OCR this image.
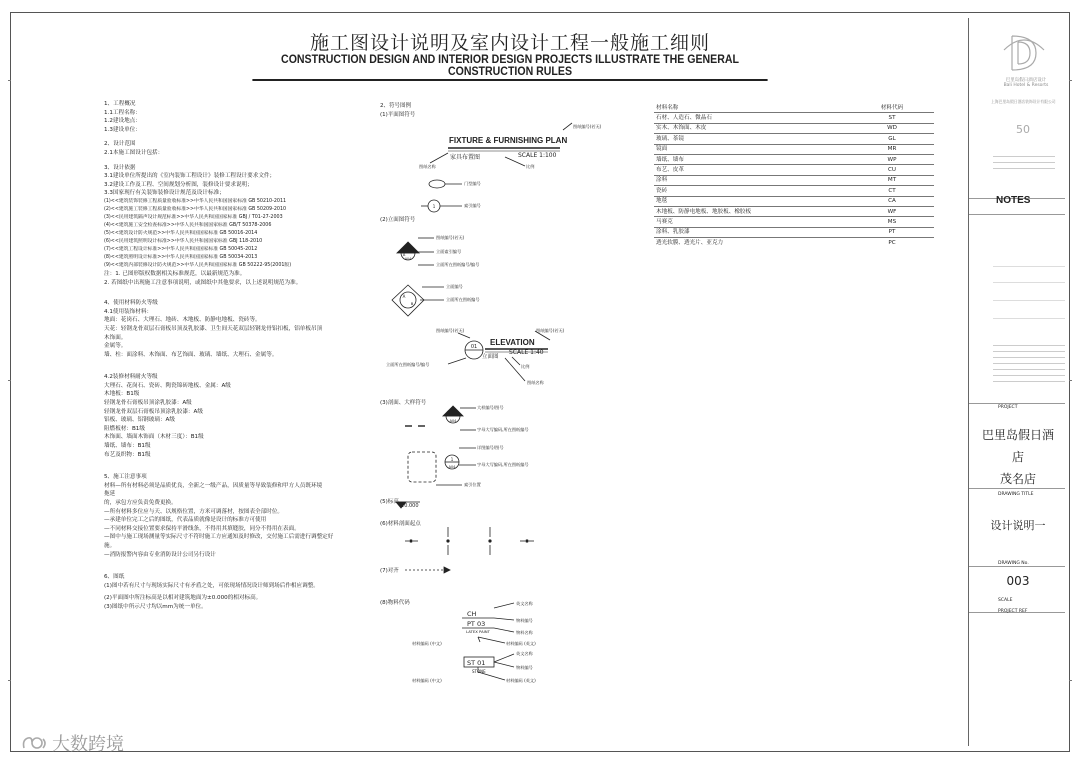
施工图设计说明及室内设计工程一般施工细则
CONSTRUCTION DESIGN AND INTERIOR DESIGN PROJECTS ILLUSTRATE THE GENERAL CONSTRUCTION RULES
1、工程概况
1.1工程名称：
1.2建设地点：
1.3建设单位：
2、设计范围
2.1本施工图设计包括：
3、设计依据
3.1建设单位所提出的《室内装饰工程设计》装修工程设计要求文件；
3.2建设工作及工程、空间规划分析图，装修设计要求说明；
3.3国家现行有关装饰装修设计规范及设计标准；
(1)<<建筑装饰装修工程质量验收标准>>中华人民共和国国家标准 GB 50210-2011
(2)<<建筑施工装修工程质量验收标准>>中华人民共和国国家标准 GB 50209-2010
(3)<<民用建筑隔声设计规范标准>>中华人民共和国国家标准 GBJ / T01-27-2003
(4)<<建筑施工安全检查标准>>中华人民共和国国家标准 GB/T 50378-2006
(5)<<建筑设计防火规范>>中华人民共和国国家标准 GB 50016-2014
(6)<<民用建筑照明设计标准>>中华人民共和国国家标准 GBJ 118-2010
(7)<<建筑工程设计标准>>中华人民共和国国家标准 GB 50045-2012
(8)<<建筑照明设计标准>>中华人民共和国国家标准 GB 50034-2013
(9)<<建筑内部装修设计防火规范>>中华人民共和国国家标准 GB 50222-95(2001版)
注：1. 已图形版权数据相关标准规范，以最新规范为准。
2. 若图纸中出现施工注意事项说明，或图纸中其他要求，以上述说明规范为准。
4、使用材料防火等级
4.1使用装饰材料：
地面：花岗石、大理石、地砖、木地板、防静电地板、瓷砖等。
天花：轻钢龙骨双层石膏板吊顶及乳胶漆、卫生间天花双层轻钢龙骨铝扣板，铝单板吊顶
木饰面。
金属等。
墙、柱：面涂料、木饰面、布艺饰面、玻璃、墙纸、大理石、金属等。
4.2装修材料耐火等级
大理石、花岗石、瓷砖、陶瓷锦砖地板、金属：A级
木地板：B1级
轻钢龙骨石膏板吊顶涂乳胶漆：A级
轻钢龙骨双层石膏板吊顶涂乳胶漆：A级
铝板、玻璃、铝钢玻璃：A级
阻燃板材：B1级
木饰面、墙面木饰面（木材三度）：B1级
墙纸、墙布：B1级
布艺及织物：B1级
5、施工注意事项
材料—所有材料必须是品质优良，全新之一级产品，因质量等导致装修和甲方人员既环境
拖延
的，承包方应负责免费更换。
—所有材料多位应与天、以规格位置，方米可调落材，按图表全部时位。
—承建单位完工之后的图纸，代表品质就像是设计的标准方可使用
—不同材料交接位置要求保持平滑线条，不得用其填缝胶，同分不得用在表面。
—图中与施工现场测量等实际尺寸不符时施工方应通知及时修改，交付施工后需进行调整定好
施。
—消防报警内容由专业消防设计公司另行设计
6、图纸
(1)图中若有尺寸与现场实际尺寸有矛盾之处，可依现场情况设计师到场后作相应调整。
(2)平面图中所注标高是以相对建筑地面为±0.000的相对标高。
(3)图纸中所示尺寸均以mm为统一单位。
2、符号图例
(1)平面图符号
A
A04
A
B
01
1
A04
1
A04
1
FIXTURE & FURNISHING PLAN
家具布置图	SCALE 1:100
图纸编号(若无)
图纸名称	比例
门型编号
索引编号
(2)立面图符号
图纸编号(若无)
立面索引编号
立面所在图纸编号/编号
立面编号
立面所在图纸编号
ELEVATION
立面图
SCALE 1:40
图纸编号(若无)	图纸编号(若无)
立面所在图纸编号/编号	比例
图纸名称
(3)剖面、大样符号
大样编号/图号
字母大写编码,所在图纸编号
详图编号/图号
字母大写编码,所在图纸编号
索引位置
(5)标高
±0.000
(6)材料剖面起点
(7)对齐
(8)物料代码
CH
PT 03
LATEX PAINT
英文名称
物料编号
物料名称
材料编码 (英文)
材料编码 (中文)
ST 01
STONE
英文名称
物料编号
材料编码 (英文)
材料编码 (中文)
材料名称	材料代码
石材、人造石、微晶石	ST
实木、木饰面、木皮	WD
玻璃、茶镜	GL
镜面	MR
墙纸、墙布	WP
布艺、皮革	CU
涂料	MT
瓷砖	CT
地毯	CA
木地板、防静电地板、地胶板、橡胶板	WF
马赛克	MS
涂料、乳胶漆	PT
透光软膜、透光片、亚克力	PC
巴里岛假日酒店设计
Bali Hotel & Resorts
上海巴里岛假日酒店装饰设计有限公司
50
NOTES
PROJECT
巴里岛假日酒店
茂名店
DRAWING TITLE
设计说明一
DRAWING No.
003
SCALE
PROJECT REF
大数跨境
